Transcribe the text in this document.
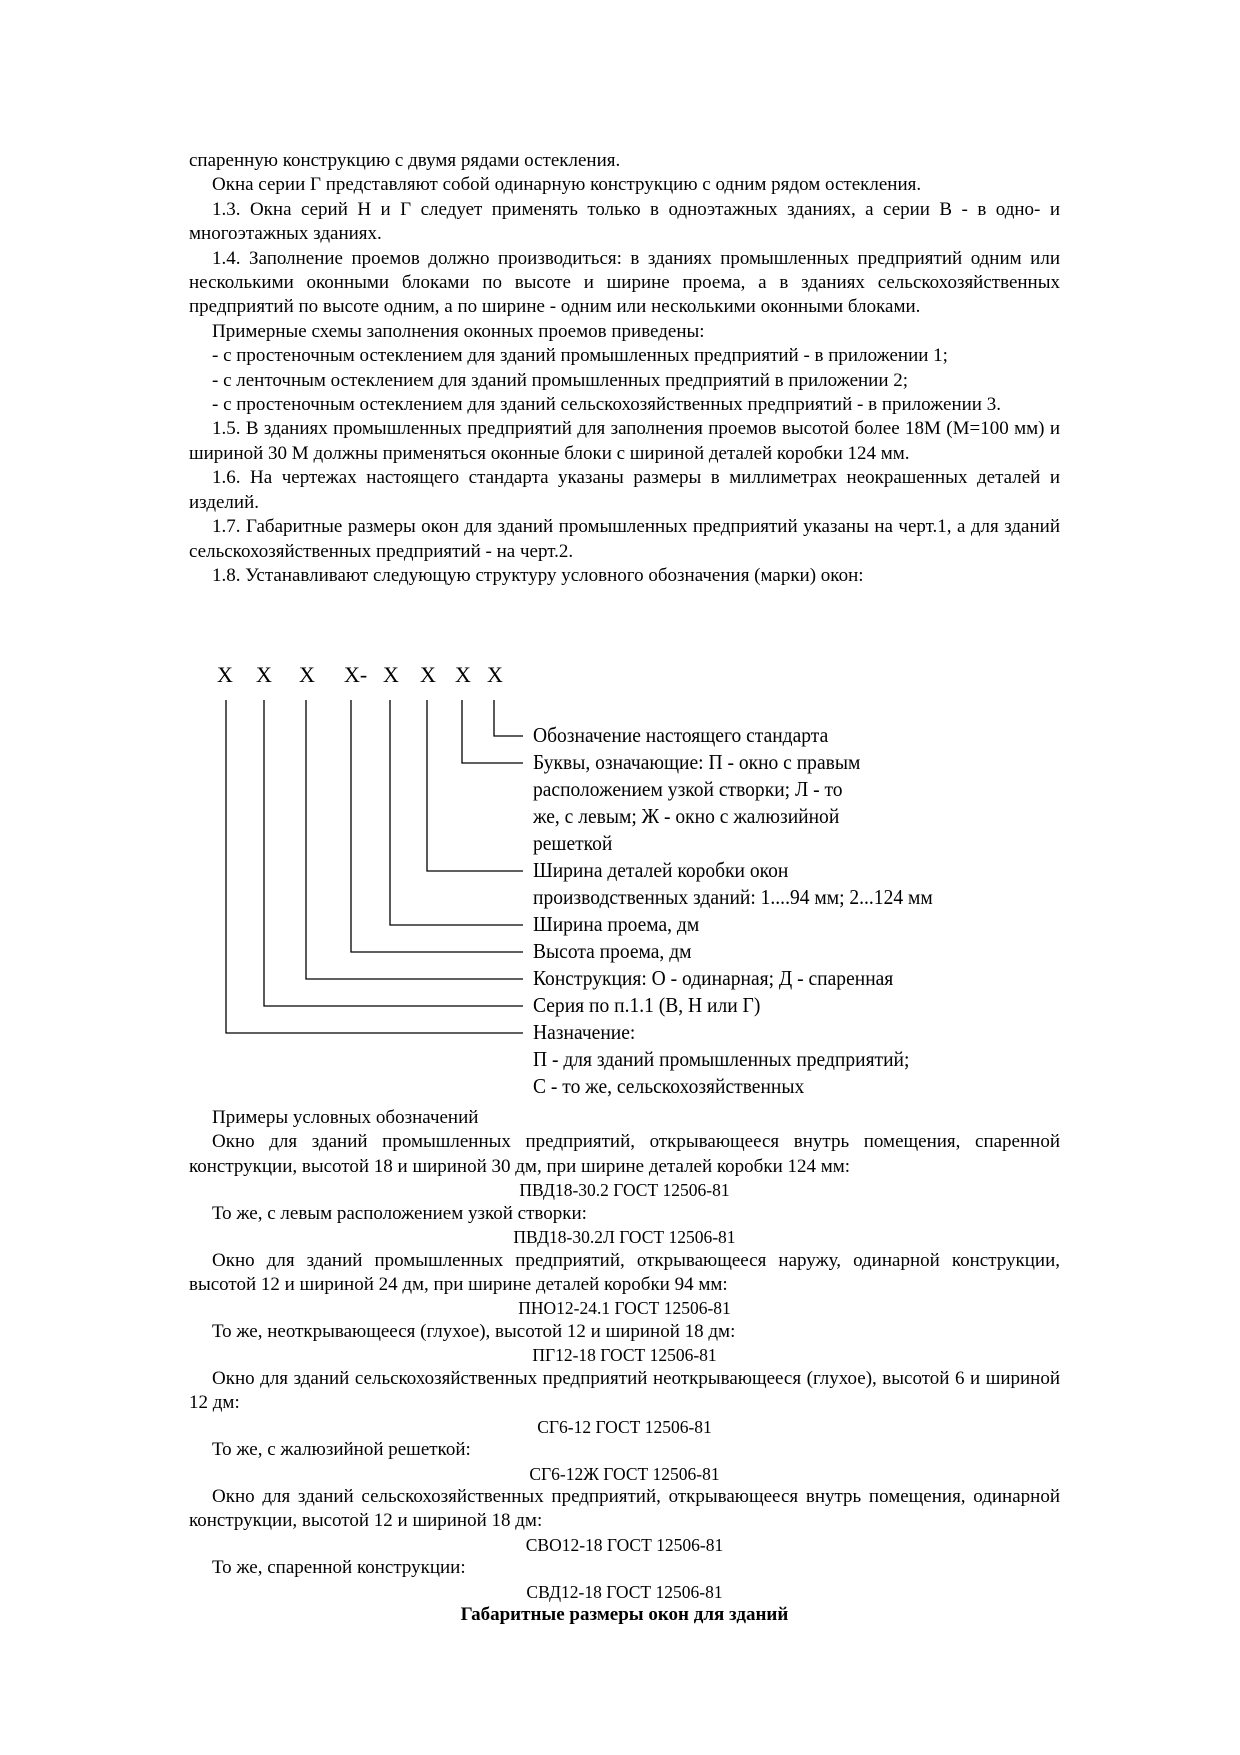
спаренную конструкцию с двумя рядами остекления.

Окна серии Г представляют собой одинарную конструкцию с одним рядом остекления.

1.3. Окна серий Н и Г следует применять только в одноэтажных зданиях, а серии В - в одно- и многоэтажных зданиях.

1.4. Заполнение проемов должно производиться: в зданиях промышленных предприятий одним или несколькими оконными блоками по высоте и ширине проема, а в зданиях сельскохозяйственных предприятий по высоте одним, а по ширине - одним или несколькими оконными блоками.

Примерные схемы заполнения оконных проемов приведены:

- с простеночным остеклением для зданий промышленных предприятий - в приложении 1;

- с ленточным остеклением для зданий промышленных предприятий в приложении 2;

- с простеночным остеклением для зданий сельскохозяйственных предприятий - в приложении 3.

1.5. В зданиях промышленных предприятий для заполнения проемов высотой более 18М (М=100 мм) и шириной 30 М должны применяться оконные блоки с шириной деталей коробки 124 мм.

1.6. На чертежах настоящего стандарта указаны размеры в миллиметрах неокрашенных деталей и изделий.

1.7. Габаритные размеры окон для зданий промышленных предприятий указаны на черт.1, а для зданий сельскохозяйственных предприятий - на черт.2.

1.8. Устанавливают следующую структуру условного обозначения (марки) окон:

Х Х Х Х- Х Х Х Х
Обозначение настоящего стандарта
Буквы, означающие: П - окно с правым
расположением узкой створки; Л - то
же, с левым; Ж - окно с жалюзийной
решеткой
Ширина деталей коробки окон
производственных зданий: 1....94 мм; 2...124 мм
Ширина проема, дм
Высота проема, дм
Конструкция: О - одинарная; Д - спаренная
Серия по п.1.1 (В, Н или Г)
Назначение:
П - для зданий промышленных предприятий;
С - то же, сельскохозяйственных

Примеры условных обозначений

Окно для зданий промышленных предприятий, открывающееся внутрь помещения, спаренной конструкции, высотой 18 и шириной 30 дм, при ширине деталей коробки 124 мм:

ПВД18-30.2 ГОСТ 12506-81

То же, с левым расположением узкой створки:

ПВД18-30.2Л ГОСТ 12506-81

Окно для зданий промышленных предприятий, открывающееся наружу, одинарной конструкции, высотой 12 и шириной 24 дм, при ширине деталей коробки 94 мм:

ПНО12-24.1 ГОСТ 12506-81

То же, неоткрывающееся (глухое), высотой 12 и шириной 18 дм:

ПГ12-18 ГОСТ 12506-81

Окно для зданий сельскохозяйственных предприятий неоткрывающееся (глухое), высотой 6 и шириной 12 дм:

СГ6-12 ГОСТ 12506-81

То же, с жалюзийной решеткой:

СГ6-12Ж ГОСТ 12506-81

Окно для зданий сельскохозяйственных предприятий, открывающееся внутрь помещения, одинарной конструкции, высотой 12 и шириной 18 дм:

СВО12-18 ГОСТ 12506-81

То же, спаренной конструкции:

СВД12-18 ГОСТ 12506-81

Габаритные размеры окон для зданий
